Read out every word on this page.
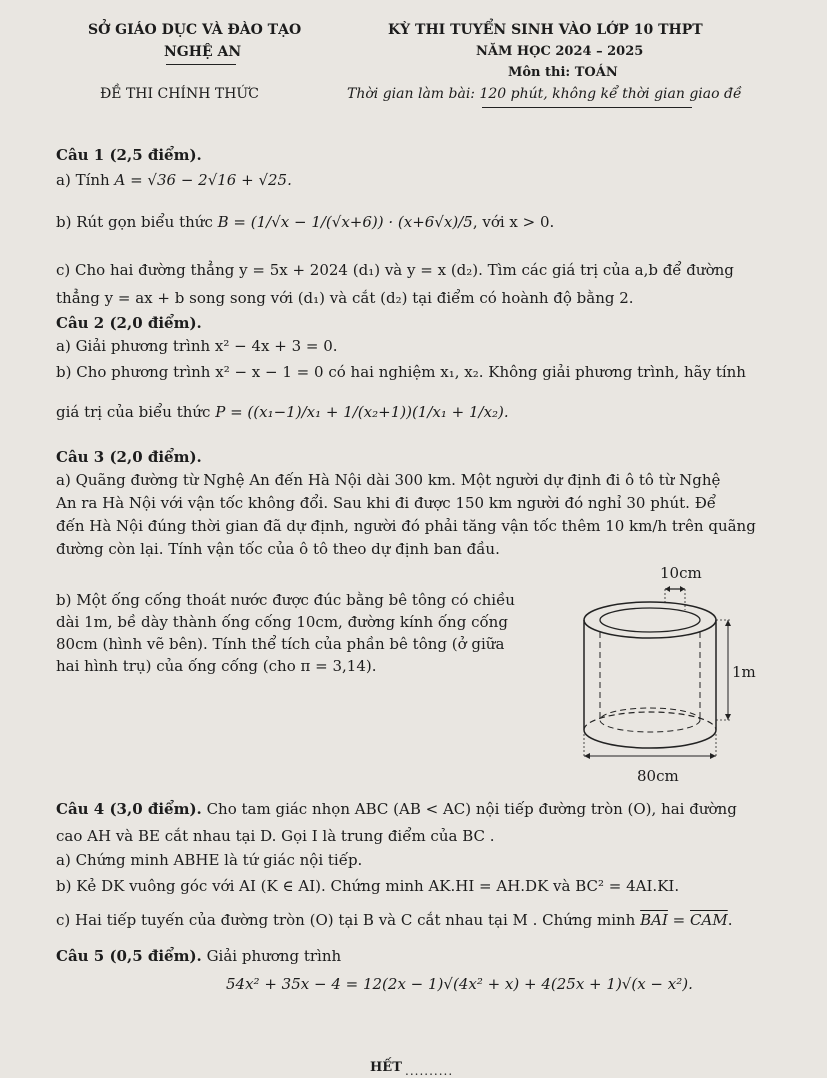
SỞ GIÁO DỤC VÀ ĐÀO TẠO
NGHỆ AN
ĐỀ THI CHÍNH THỨC
KỲ THI TUYỂN SINH VÀO LỚP 10 THPT
NĂM HỌC 2024 – 2025
Môn thi: TOÁN
Thời gian làm bài: 120 phút, không kể thời gian giao đề
Câu 1 (2,5 điểm).
a) Tính A = √36 − 2√16 + √25.
b) Rút gọn biểu thức B = (1/√x − 1/(√x+6)) · (x+6√x)/5, với x > 0.
c) Cho hai đường thẳng y = 5x + 2024 (d₁) và y = x (d₂). Tìm các giá trị của a,b để đường
thẳng y = ax + b song song với (d₁) và cắt (d₂) tại điểm có hoành độ bằng 2.
Câu 2 (2,0 điểm).
a) Giải phương trình x² − 4x + 3 = 0.
b) Cho phương trình x² − x − 1 = 0 có hai nghiệm x₁, x₂. Không giải phương trình, hãy tính
giá trị của biểu thức P = ((x₁−1)/x₁ + 1/(x₂+1))(1/x₁ + 1/x₂).
Câu 3 (2,0 điểm).
a) Quãng đường từ Nghệ An đến Hà Nội dài 300 km. Một người dự định đi ô tô từ Nghệ
An ra Hà Nội với vận tốc không đổi. Sau khi đi được 150 km người đó nghỉ 30 phút. Để
đến Hà Nội đúng thời gian đã dự định, người đó phải tăng vận tốc thêm 10 km/h trên quãng
đường còn lại. Tính vận tốc của ô tô theo dự định ban đầu.
b) Một ống cống thoát nước được đúc bằng bê tông có chiều
dài 1m, bề dày thành ống cống 10cm, đường kính ống cống
80cm (hình vẽ bên). Tính thể tích của phần bê tông (ở giữa
hai hình trụ) của ống cống (cho π = 3,14).
10cm
1m
80cm
Câu 4 (3,0 điểm). Cho tam giác nhọn ABC (AB < AC) nội tiếp đường tròn (O), hai đường
cao AH và BE cắt nhau tại D. Gọi I là trung điểm của BC .
a) Chứng minh ABHE là tứ giác nội tiếp.
b) Kẻ DK vuông góc với AI (K ∈ AI). Chứng minh AK.HI = AH.DK và BC² = 4AI.KI.
c) Hai tiếp tuyến của đường tròn (O) tại B và C cắt nhau tại M . Chứng minh $\overline{BAI} = \overline{CAM}$.
Câu 5 (0,5 điểm). Giải phương trình
54x² + 35x − 4 = 12(2x − 1)√(4x² + x) + 4(25x + 1)√(x − x²).
HẾT ..........
